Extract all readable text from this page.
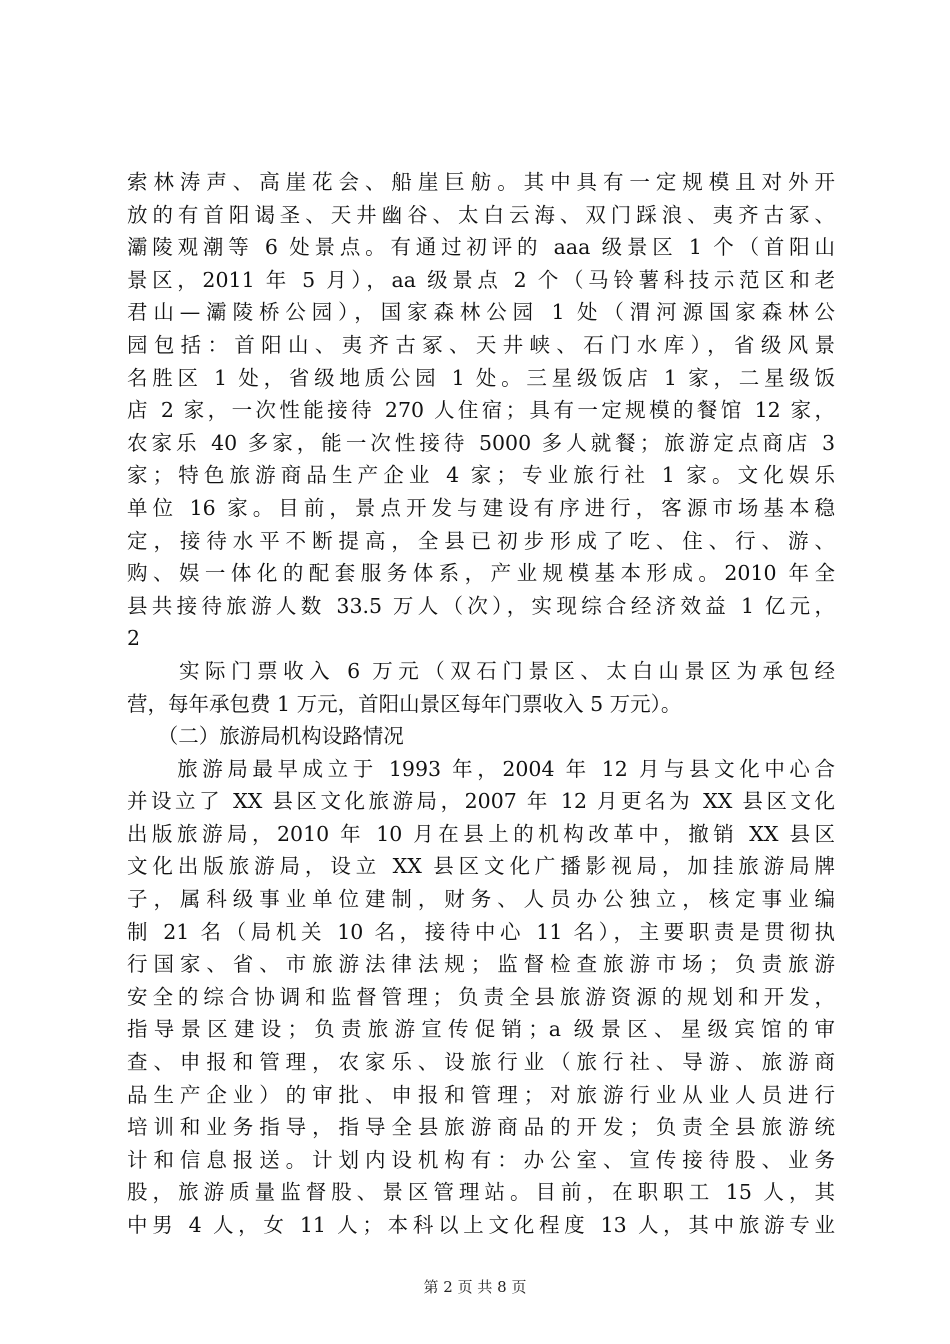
索林涛声、高崖花会、船崖巨舫。其中具有一定规模且对外开
放的有首阳谒圣、天井幽谷、太白云海、双门踩浪、夷齐古冢、
灞陵观潮等 6 处景点。有通过初评的 aaa 级景区 1 个（首阳山
景区，2011 年 5 月），aa 级景点 2 个（马铃薯科技示范区和老
君山—灞陵桥公园），国家森林公园 1 处（渭河源国家森林公
园包括：首阳山、夷齐古冢、天井峡、石门水库），省级风景
名胜区 1 处，省级地质公园 1 处。三星级饭店 1 家，二星级饭
店 2 家，一次性能接待 270 人住宿；具有一定规模的餐馆 12 家，
农家乐 40 多家，能一次性接待 5000 多人就餐；旅游定点商店 3
家；特色旅游商品生产企业 4 家；专业旅行社 1 家。文化娱乐
单位 16 家。目前，景点开发与建设有序进行，客源市场基本稳
定，接待水平不断提高，全县已初步形成了吃、住、行、游、
购、娱一体化的配套服务体系，产业规模基本形成。2010 年全
县共接待旅游人数 33.5 万人（次），实现综合经济效益 1 亿元，
2
　　实际门票收入 6 万元（双石门景区、太白山景区为承包经
营，每年承包费 1 万元，首阳山景区每年门票收入 5 万元）。
　　（二）旅游局机构设路情况
　　旅游局最早成立于 1993 年，2004 年 12 月与县文化中心合
并设立了 XX 县区文化旅游局，2007 年 12 月更名为 XX 县区文化
出版旅游局，2010 年 10 月在县上的机构改革中，撤销 XX 县区
文化出版旅游局，设立 XX 县区文化广播影视局，加挂旅游局牌
子，属科级事业单位建制，财务、人员办公独立，核定事业编
制 21 名（局机关 10 名，接待中心 11 名），主要职责是贯彻执
行国家、省、市旅游法律法规；监督检查旅游市场；负责旅游
安全的综合协调和监督管理；负责全县旅游资源的规划和开发，
指导景区建设；负责旅游宣传促销；a 级景区、星级宾馆的审
查、申报和管理，农家乐、设旅行业（旅行社、导游、旅游商
品生产企业）的审批、申报和管理；对旅游行业从业人员进行
培训和业务指导，指导全县旅游商品的开发；负责全县旅游统
计和信息报送。计划内设机构有：办公室、宣传接待股、业务
股，旅游质量监督股、景区管理站。目前，在职职工 15 人，其
中男 4 人，女 11 人；本科以上文化程度 13 人，其中旅游专业
第 2 页 共 8 页
